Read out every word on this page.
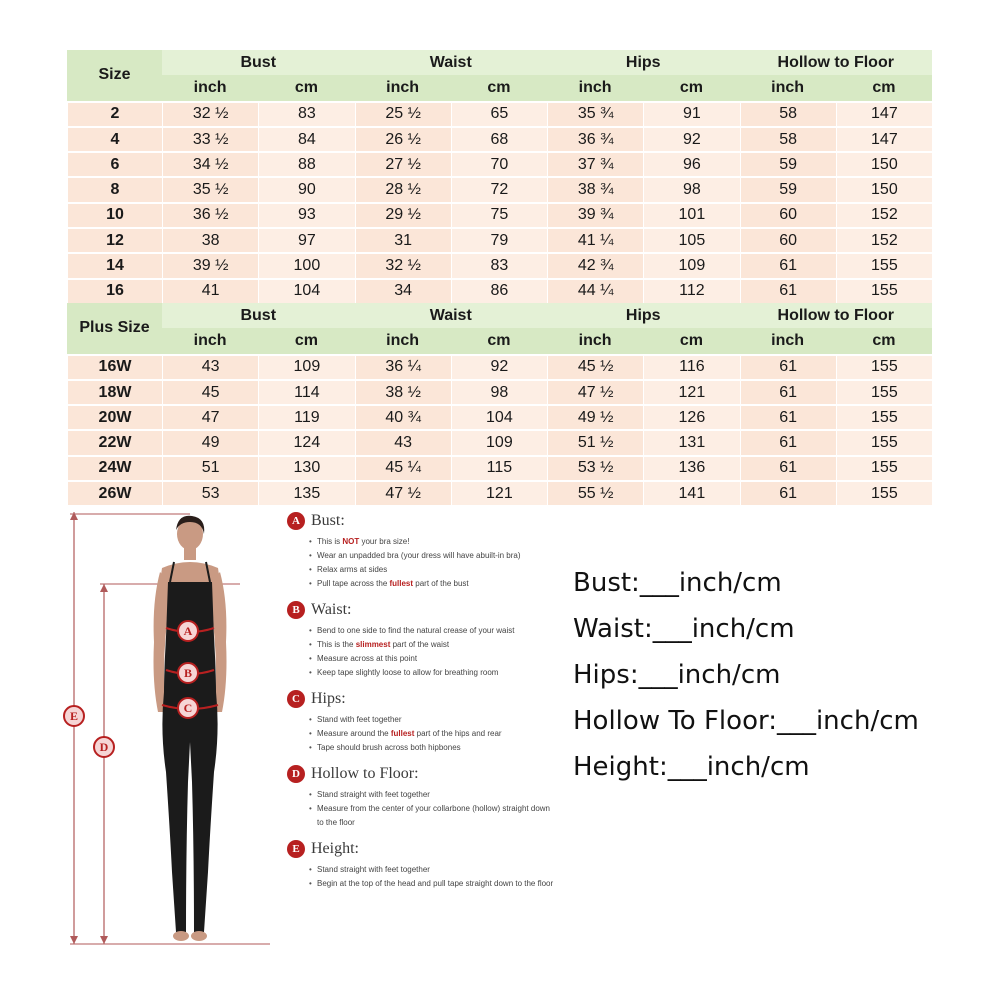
Bust	Waist	Hips	Hollow to Floor
inch	cm	inch	cm	inch	cm	inch	cm
Size
2	32 ½	83	25 ½	65	35 ¾	91	58	147
4	33 ½	84	26 ½	68	36 ¾	92	58	147
6	34 ½	88	27 ½	70	37 ¾	96	59	150
8	35 ½	90	28 ½	72	38 ¾	98	59	150
10	36 ½	93	29 ½	75	39 ¾	101	60	152
12	38	97	31	79	41 ¼	105	60	152
14	39 ½	100	32 ½	83	42 ¾	109	61	155
16	41	104	34	86	44 ¼	112	61	155
Bust	Waist	Hips	Hollow to Floor
inch	cm	inch	cm	inch	cm	inch	cm
Plus Size
16W	43	109	36 ¼	92	45 ½	116	61	155
18W	45	114	38 ½	98	47 ½	121	61	155
20W	47	119	40 ¾	104	49 ½	126	61	155
22W	49	124	43	109	51 ½	131	61	155
24W	51	130	45 ¼	115	53 ½	136	61	155
26W	53	135	47 ½	121	55 ½	141	61	155
A
B
C
D
E
A Bust:
• This is NOT your bra size!
• Wear an unpadded bra (your dress will have abuilt-in bra)
• Relax arms at sides
• Pull tape across the fullest part of the bust
B Waist:
• Bend to one side to find the natural crease of your waist
• This is the slimmest part of the waist
• Measure across at this point
• Keep tape slightly loose to allow for breathing room
C Hips:
• Stand with feet together
• Measure around the fullest part of the hips and rear
• Tape should brush across both hipbones
D Hollow to Floor:
• Stand straight with feet together
• Measure from the center of your collarbone (hollow) straight down to the floor
E Height:
• Stand straight with feet together
• Begin at the top of the head and pull tape straight down to the floor
Bust:___inch/cm
Waist:___inch/cm
Hips:___inch/cm
Hollow To Floor:___inch/cm
Height:___inch/cm
